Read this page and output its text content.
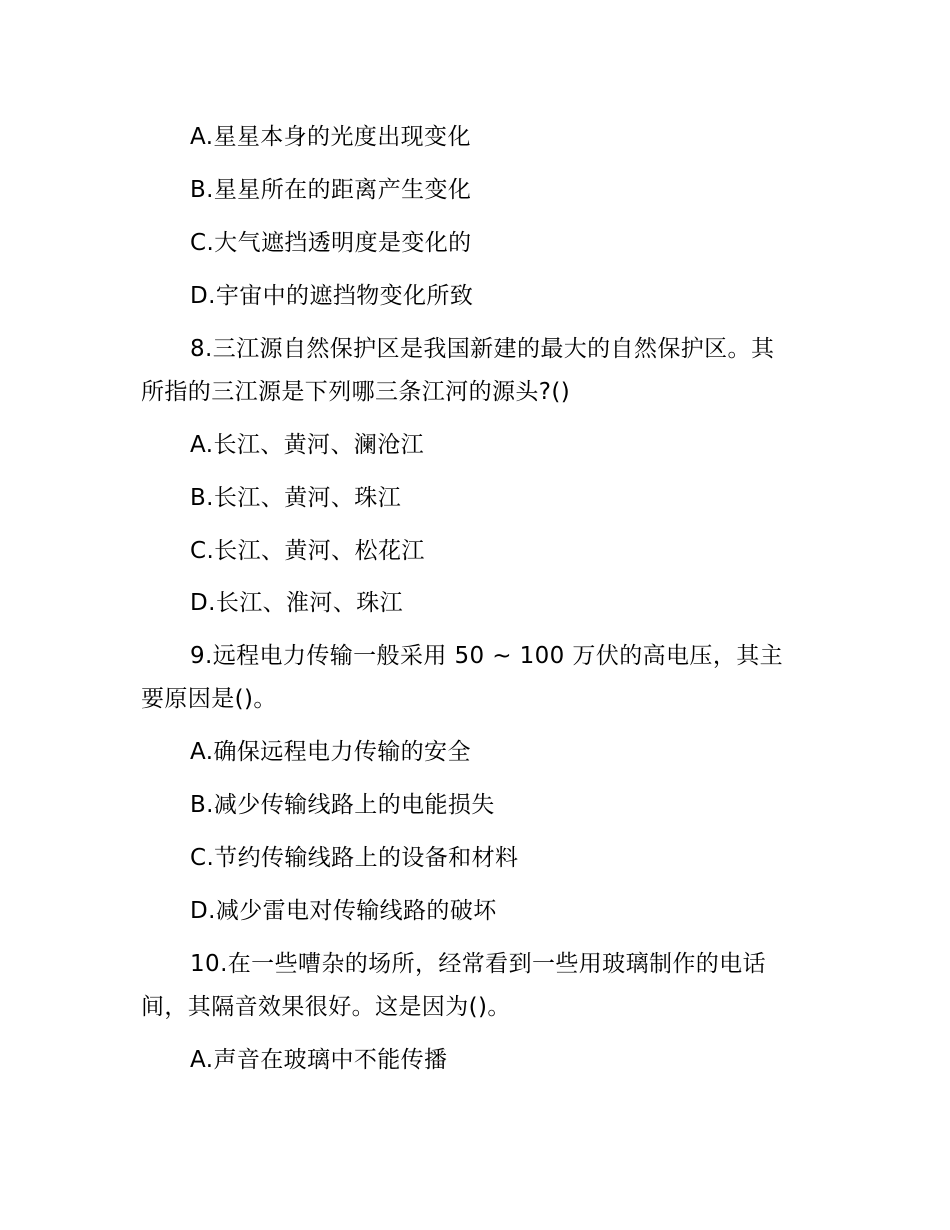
A.星星本身的光度出现变化
B.星星所在的距离产生变化
C.大气遮挡透明度是变化的
D.宇宙中的遮挡物变化所致
8.三江源自然保护区是我国新建的最大的自然保护区。其
所指的三江源是下列哪三条江河的源头?()
A.长江、黄河、澜沧江
B.长江、黄河、珠江
C.长江、黄河、松花江
D.长江、淮河、珠江
9.远程电力传输一般采用 50 ~ 100 万伏的高电压，其主
要原因是()。
A.确保远程电力传输的安全
B.减少传输线路上的电能损失
C.节约传输线路上的设备和材料
D.减少雷电对传输线路的破坏
10.在一些嘈杂的场所，经常看到一些用玻璃制作的电话
间，其隔音效果很好。这是因为()。
A.声音在玻璃中不能传播
